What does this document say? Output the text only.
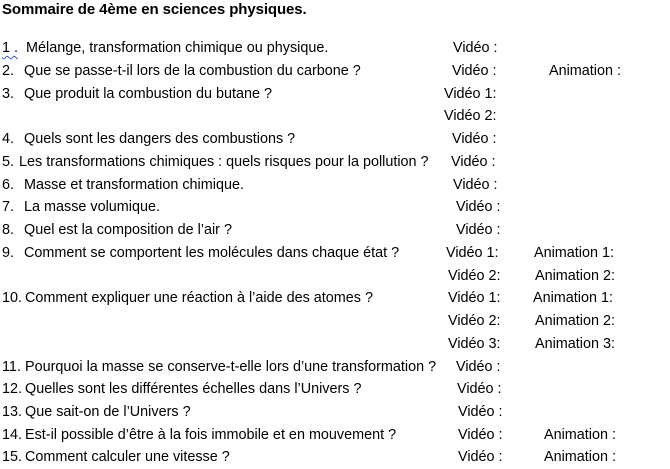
Sommaire de 4ème en sciences physiques.
1 . Mélange, transformation chimique ou physique.	Vidéo :
2. Que se passe-t-il lors de la combustion du carbone ?	Vidéo :	Animation :
3. Que produit la combustion du butane ?	Vidéo 1:
Vidéo 2:
4. Quels sont les dangers des combustions ?	Vidéo :
5. Les transformations chimiques : quels risques pour la pollution ? Vidéo :
6. Masse et transformation chimique.	Vidéo :
7. La masse volumique.	Vidéo :
8. Quel est la composition de l’air ?	Vidéo :
9. Comment se comportent les molécules dans chaque état ?	Vidéo 1: Animation 1:
Vidéo 2: Animation 2:
10. Comment expliquer une réaction à l’aide des atomes ?	Vidéo 1: Animation 1:
Vidéo 2: Animation 2:
Vidéo 3: Animation 3:
11. Pourquoi la masse se conserve-t-elle lors d’une transformation ? Vidéo :
12. Quelles sont les différentes échelles dans l’Univers ?	Vidéo :
13. Que sait-on de l’Univers ?	Vidéo :
14. Est-il possible d’être à la fois immobile et en mouvement ?	Vidéo :	Animation :
15. Comment calculer une vitesse ?	Vidéo :	Animation :
